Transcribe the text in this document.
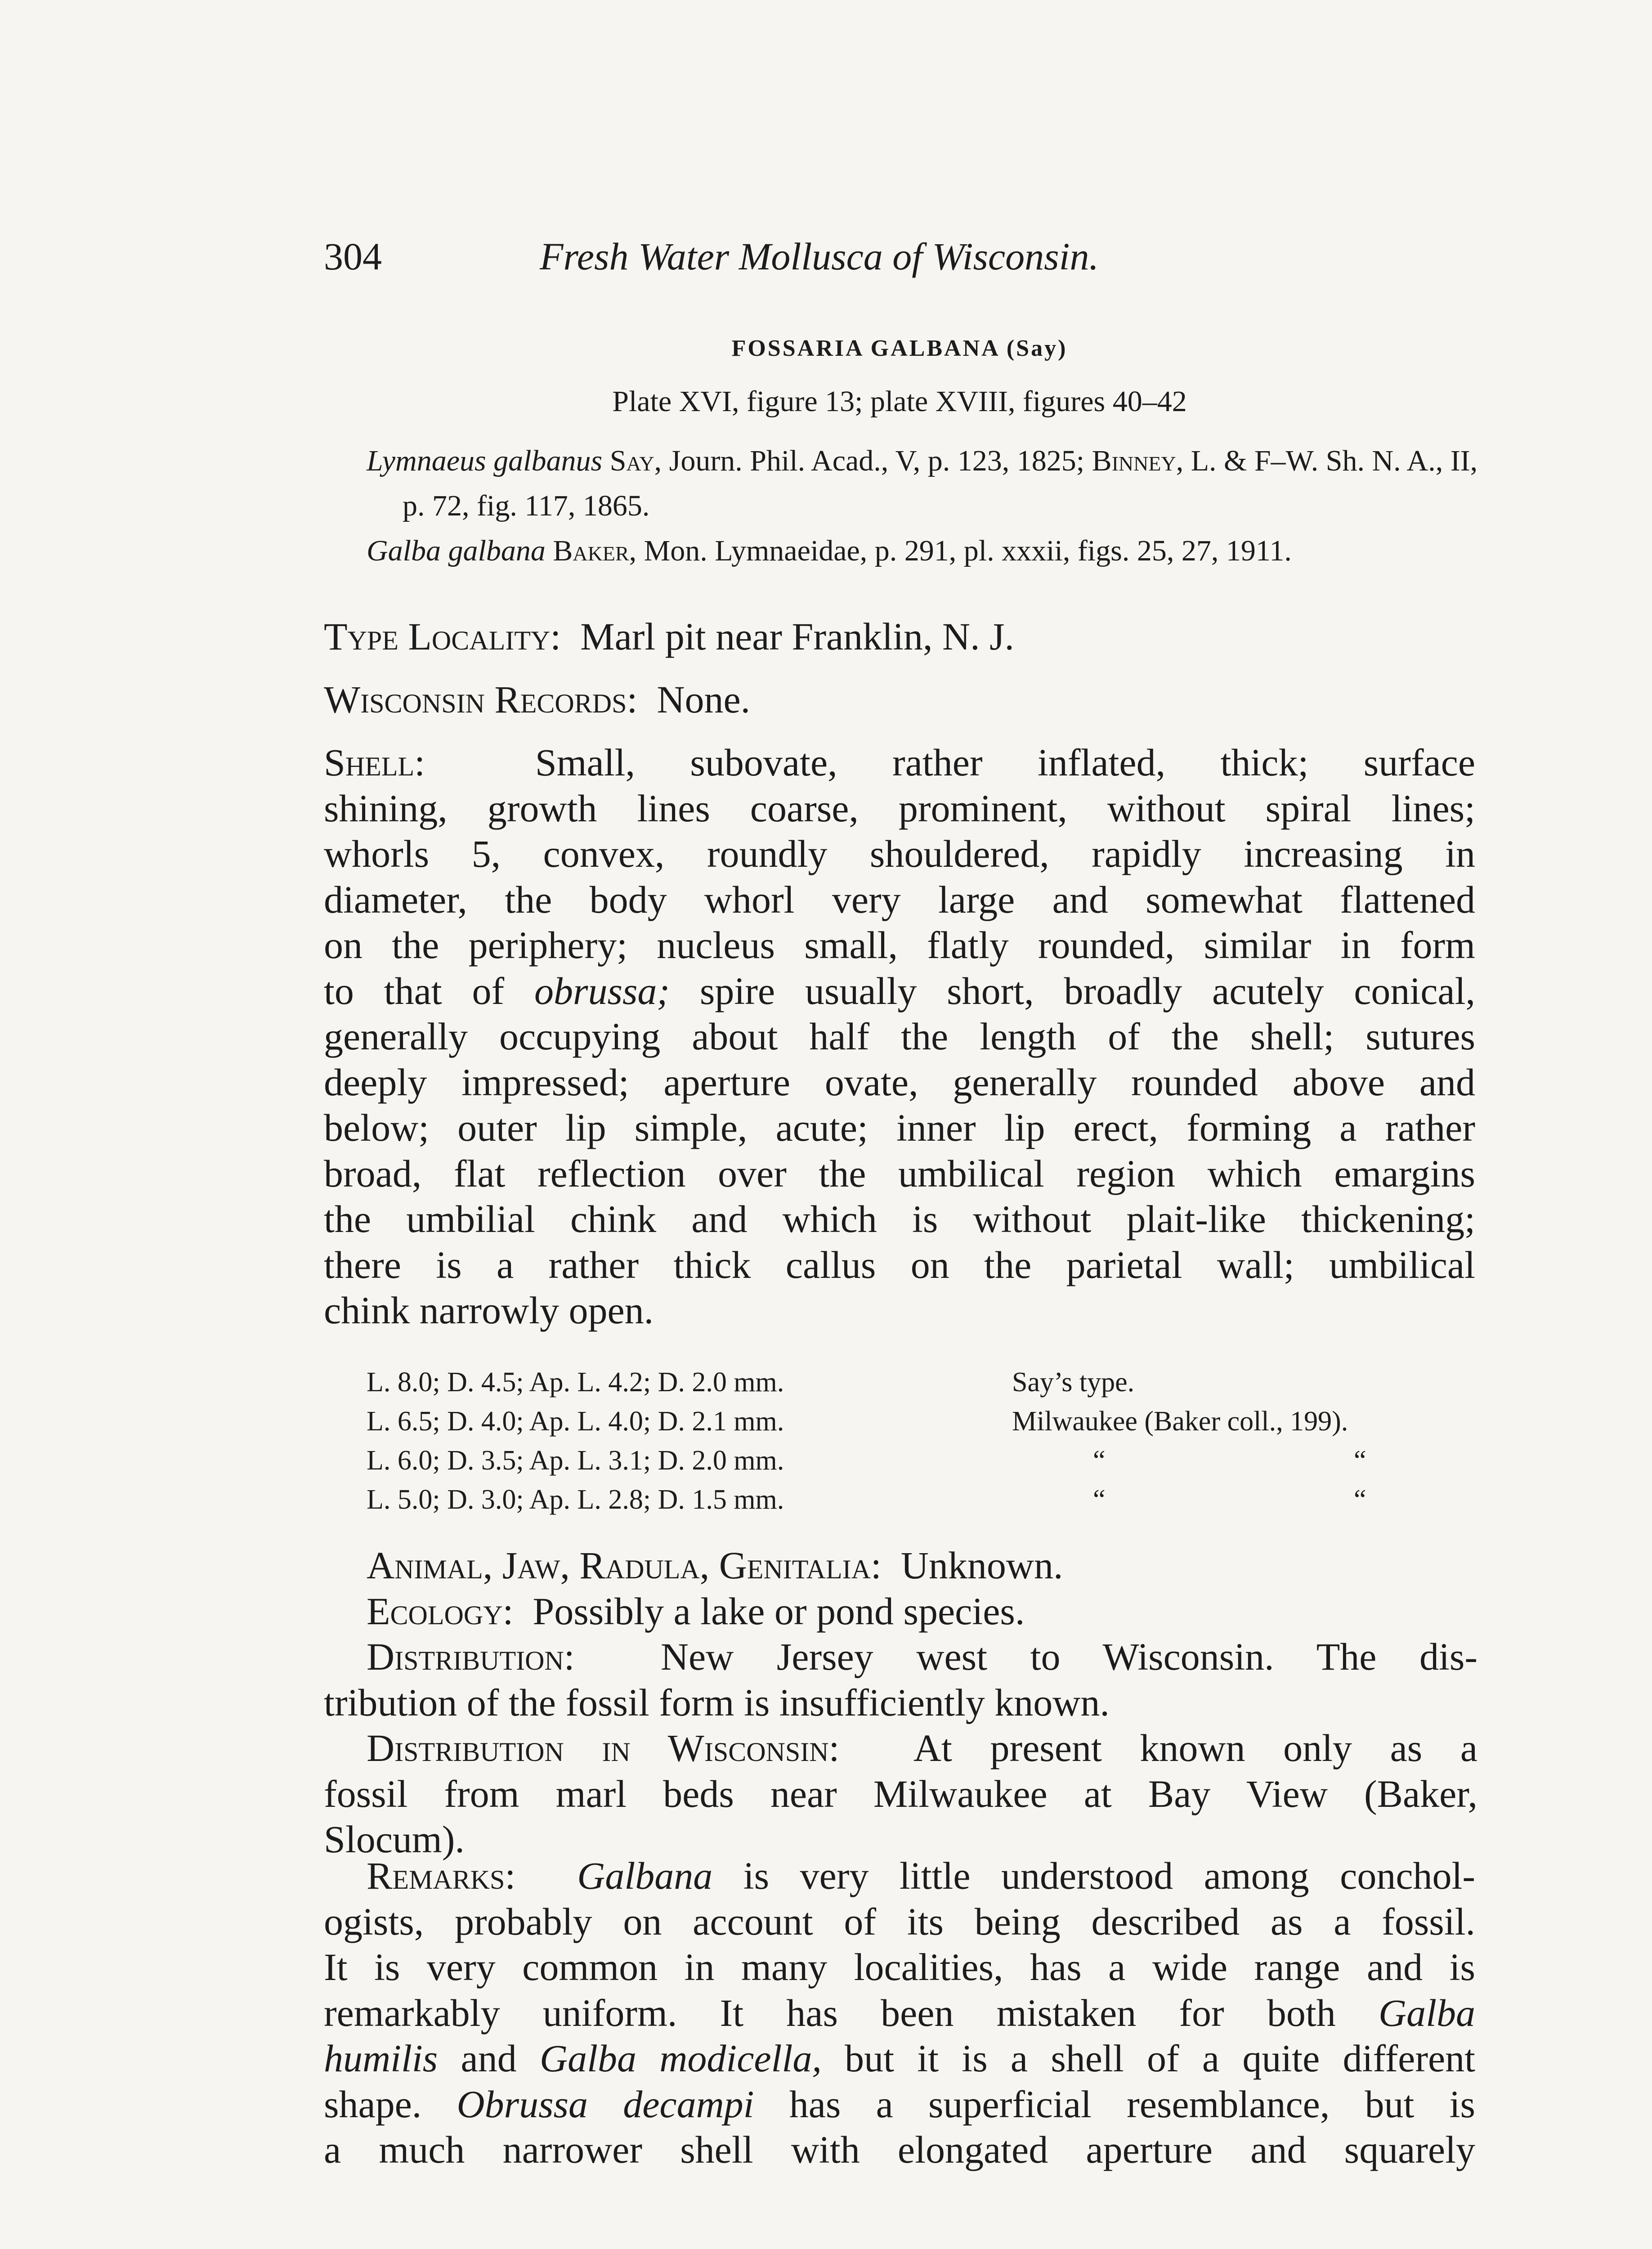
304	Fresh Water Mollusca of Wisconsin.
FOSSARIA GALBANA (Say)
Plate XVI, figure 13; plate XVIII, figures 40–42
Lymnaeus galbanus Say, Journ. Phil. Acad., V, p. 123, 1825; Binney, L. & F–W. Sh. N. A., II, p. 72, fig. 117, 1865.
Galba galbana Baker, Mon. Lymnaeidae, p. 291, pl. xxxii, figs. 25, 27, 1911.
Type Locality: Marl pit near Franklin, N. J.
Wisconsin Records: None.
Shell:	Small, subovate, rather inflated, thick; surface
shining, growth lines coarse, prominent, without spiral lines;
whorls 5, convex, roundly shouldered, rapidly increasing in
diameter, the body whorl very large and somewhat flattened
on the periphery; nucleus small, flatly rounded, similar in form
to that of obrussa; spire usually short, broadly acutely conical,
generally occupying about half the length of the shell; sutures
deeply impressed; aperture ovate, generally rounded above and
below; outer lip simple, acute; inner lip erect, forming a rather
broad, flat reflection over the umbilical region which emargins
the umbilial chink and which is without plait-like thickening;
there is a rather thick callus on the parietal wall; umbilical
chink narrowly open.
L. 8.0; D. 4.5; Ap. L. 4.2; D. 2.0 mm.	Say’s type.	
L. 6.5; D. 4.0; Ap. L. 4.0; D. 2.1 mm.	Milwaukee (Baker coll., 199).	
L. 6.0; D. 3.5; Ap. L. 3.1; D. 2.0 mm.	“	“
L. 5.0; D. 3.0; Ap. L. 2.8; D. 1.5 mm.	“	“
Animal, Jaw, Radula, Genitalia: Unknown.
Ecology: Possibly a lake or pond species.
Distribution: New Jersey west to Wisconsin. The dis-
tribution of the fossil form is insufficiently known.
Distribution in Wisconsin: At present known only as a
fossil from marl beds near Milwaukee at Bay View (Baker,
Slocum).
Remarks: Galbana is very little understood among conchol-
ogists, probably on account of its being described as a fossil.
It is very common in many localities, has a wide range and is
remarkably uniform. It has been mistaken for both Galba
humilis and Galba modicella, but it is a shell of a quite different
shape. Obrussa decampi has a superficial resemblance, but is
a much narrower shell with elongated aperture and squarely
